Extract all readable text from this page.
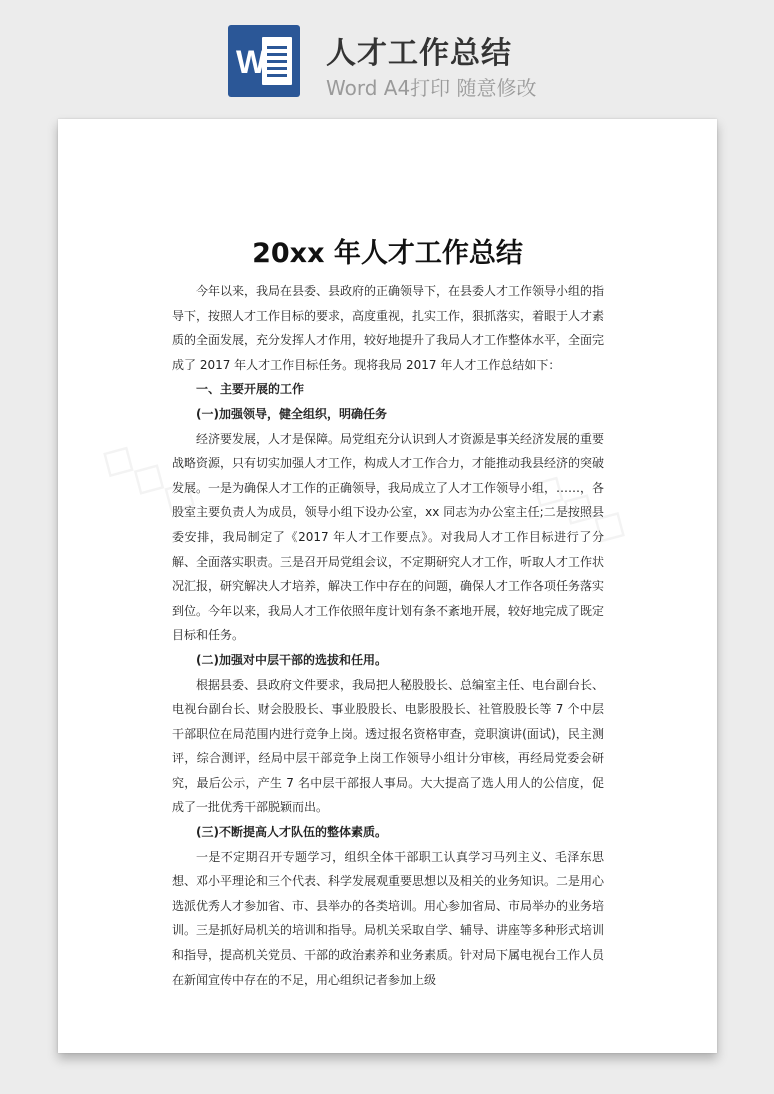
W	人才工作总结
Word A4打印 随意修改
◇◇◇	◇◇◇
20xx 年人才工作总结

今年以来，我局在县委、县政府的正确领导下，在县委人才工作领导小组的指导下，按照人才工作目标的要求，高度重视，扎实工作，狠抓落实，着眼于人才素质的全面发展，充分发挥人才作用，较好地提升了我局人才工作整体水平，全面完成了 2017 年人才工作目标任务。现将我局 2017 年人才工作总结如下：

一、主要开展的工作

(一)加强领导，健全组织，明确任务

经济要发展，人才是保障。局党组充分认识到人才资源是事关经济发展的重要战略资源，只有切实加强人才工作，构成人才工作合力，才能推动我县经济的突破发展。一是为确保人才工作的正确领导，我局成立了人才工作领导小组，……，各股室主要负责人为成员，领导小组下设办公室，xx 同志为办公室主任;二是按照县委安排，我局制定了《2017 年人才工作要点》。对我局人才工作目标进行了分解、全面落实职责。三是召开局党组会议，不定期研究人才工作，听取人才工作状况汇报，研究解决人才培养，解决工作中存在的问题，确保人才工作各项任务落实到位。今年以来，我局人才工作依照年度计划有条不紊地开展，较好地完成了既定目标和任务。

(二)加强对中层干部的选拔和任用。

根据县委、县政府文件要求，我局把人秘股股长、总编室主任、电台副台长、电视台副台长、财会股股长、事业股股长、电影股股长、社管股股长等 7 个中层干部职位在局范围内进行竞争上岗。透过报名资格审查，竞职演讲(面试)，民主测评，综合测评，经局中层干部竞争上岗工作领导小组计分审核，再经局党委会研究，最后公示，产生 7 名中层干部报人事局。大大提高了选人用人的公信度，促成了一批优秀干部脱颖而出。

(三)不断提高人才队伍的整体素质。

一是不定期召开专题学习，组织全体干部职工认真学习马列主义、毛泽东思想、邓小平理论和三个代表、科学发展观重要思想以及相关的业务知识。二是用心选派优秀人才参加省、市、县举办的各类培训。用心参加省局、市局举办的业务培训。三是抓好局机关的培训和指导。局机关采取自学、辅导、讲座等多种形式培训和指导，提高机关党员、干部的政治素养和业务素质。针对局下属电视台工作人员在新闻宣传中存在的不足，用心组织记者参加上级
